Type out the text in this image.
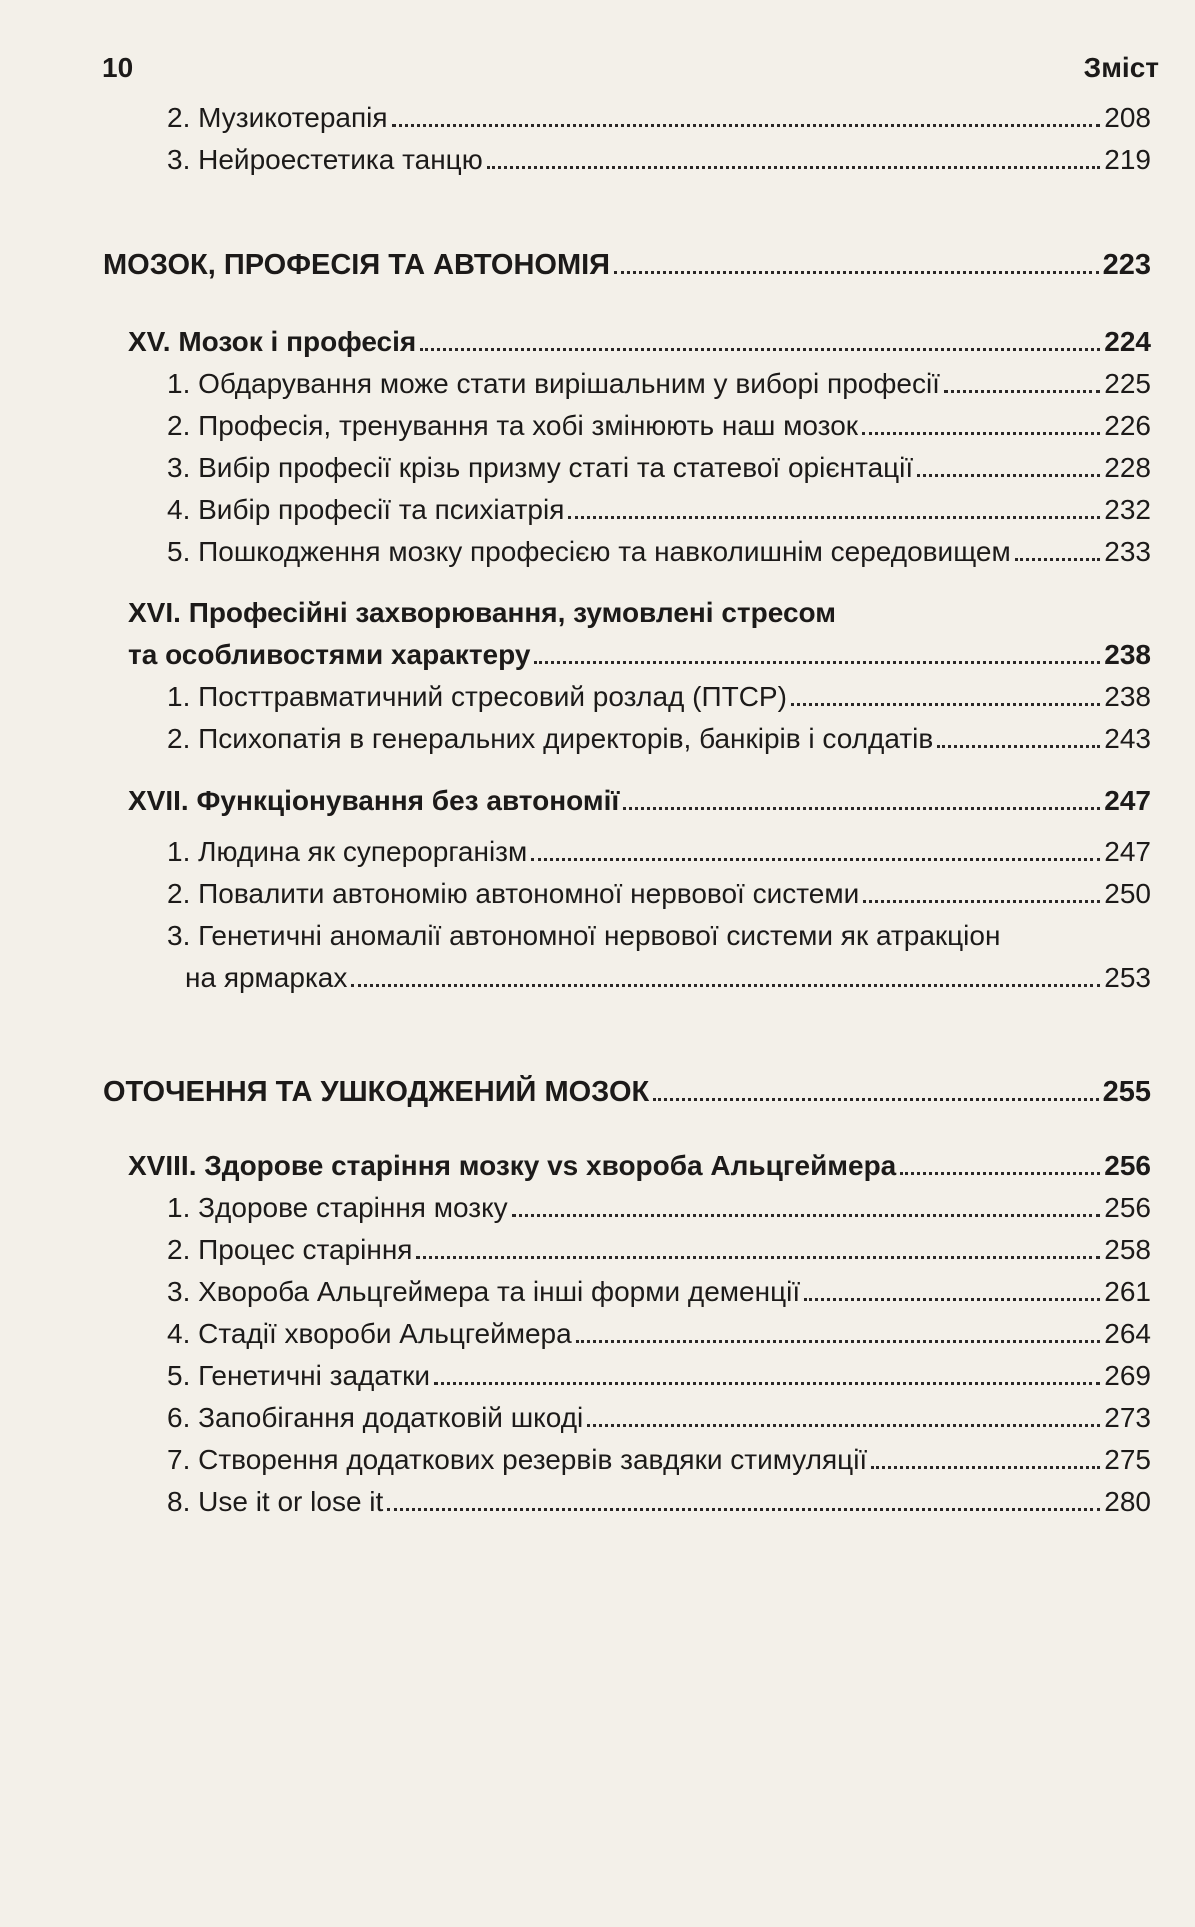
10	Зміст
2. Музикотерапія	208
3. Нейроестетика танцю	219
МОЗОК, ПРОФЕСІЯ ТА АВТОНОМІЯ	223
XV. Мозок і професія	224
1. Обдарування може стати вирішальним у виборі професії	225
2. Професія, тренування та хобі змінюють наш мозок	226
3. Вибір професії крізь призму статі та статевої орієнтації	228
4. Вибір професії та психіатрія	232
5. Пошкодження мозку професією та навколишнім середовищем	233
XVI. Професійні захворювання, зумовлені стресом
та особливостями характеру	238
1. Посттравматичний стресовий розлад (ПТСР)	238
2. Психопатія в генеральних директорів, банкірів і солдатів	243
XVII. Функціонування без автономії	247
1. Людина як суперорганізм	247
2. Повалити автономію автономної нервової системи	250
3. Генетичні аномалії автономної нервової системи як атракціон
на ярмарках	253
ОТОЧЕННЯ ТА УШКОДЖЕНИЙ МОЗОК	255
XVIII. Здорове старіння мозку vs хвороба Альцгеймера	256
1. Здорове старіння мозку	256
2. Процес старіння	258
3. Хвороба Альцгеймера та інші форми деменції	261
4. Стадії хвороби Альцгеймера	264
5. Генетичні задатки	269
6. Запобігання додатковій шкоді	273
7. Створення додаткових резервів завдяки стимуляції	275
8. Use it or lose it	280
